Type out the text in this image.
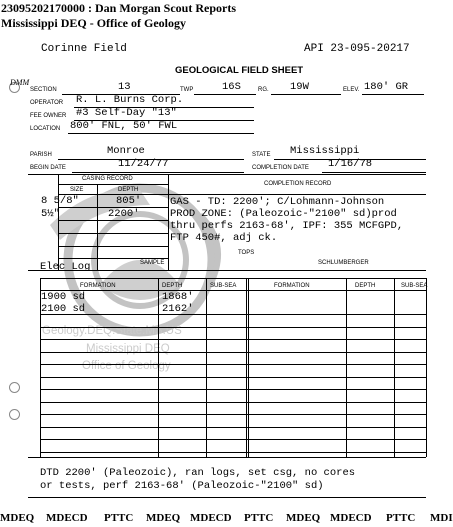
23095202170000 : Dan Morgan Scout Reports
Mississippi DEQ - Office of Geology
Geology.DEQ.State.MS.US
Mississippi DEQ
Office of Geology
Corinne Field	API 23-095-20217
DMM
GEOLOGICAL FIELD SHEET
SECTION	13	TWP	16S	RG. 19W	ELEV. 180' GR
OPERATOR R. L. Burns Corp.
FEE OWNER #3 Self-Day "13"
LOCATION 800' FNL, 50' FWL
PARISH	Monroe	STATE Mississippi
BEGIN DATE	11/24/77	COMPLETION DATE 1/16/78
CASING RECORD
COMPLETION RECORD
SIZE	DEPTH
8 5/8"	805'
5½"	2200'
GAS - TD: 2200'; C/Lohmann-Johnson
PROD ZONE: (Paleozoic-"2100" sd)prod
thru perfs 2163-68', IPF: 355 MCFGPD,
FTP 450#, adj ck.
TOPS
Elec Log	SAMPLE	SCHLUMBERGER
FORMATION	DEPTH	SUB-SEA	FORMATION	DEPTH	SUB-SEA
1900 sd	1868'
2100 sd	2162'
DTD 2200' (Paleozoic), ran logs, set csg, no cores
or tests, perf 2163-68' (Paleozoic-"2100" sd)
MDEQ MDECD PTTC MDEQ MDECD PTTC MDEQ MDECD PTTC MDI
